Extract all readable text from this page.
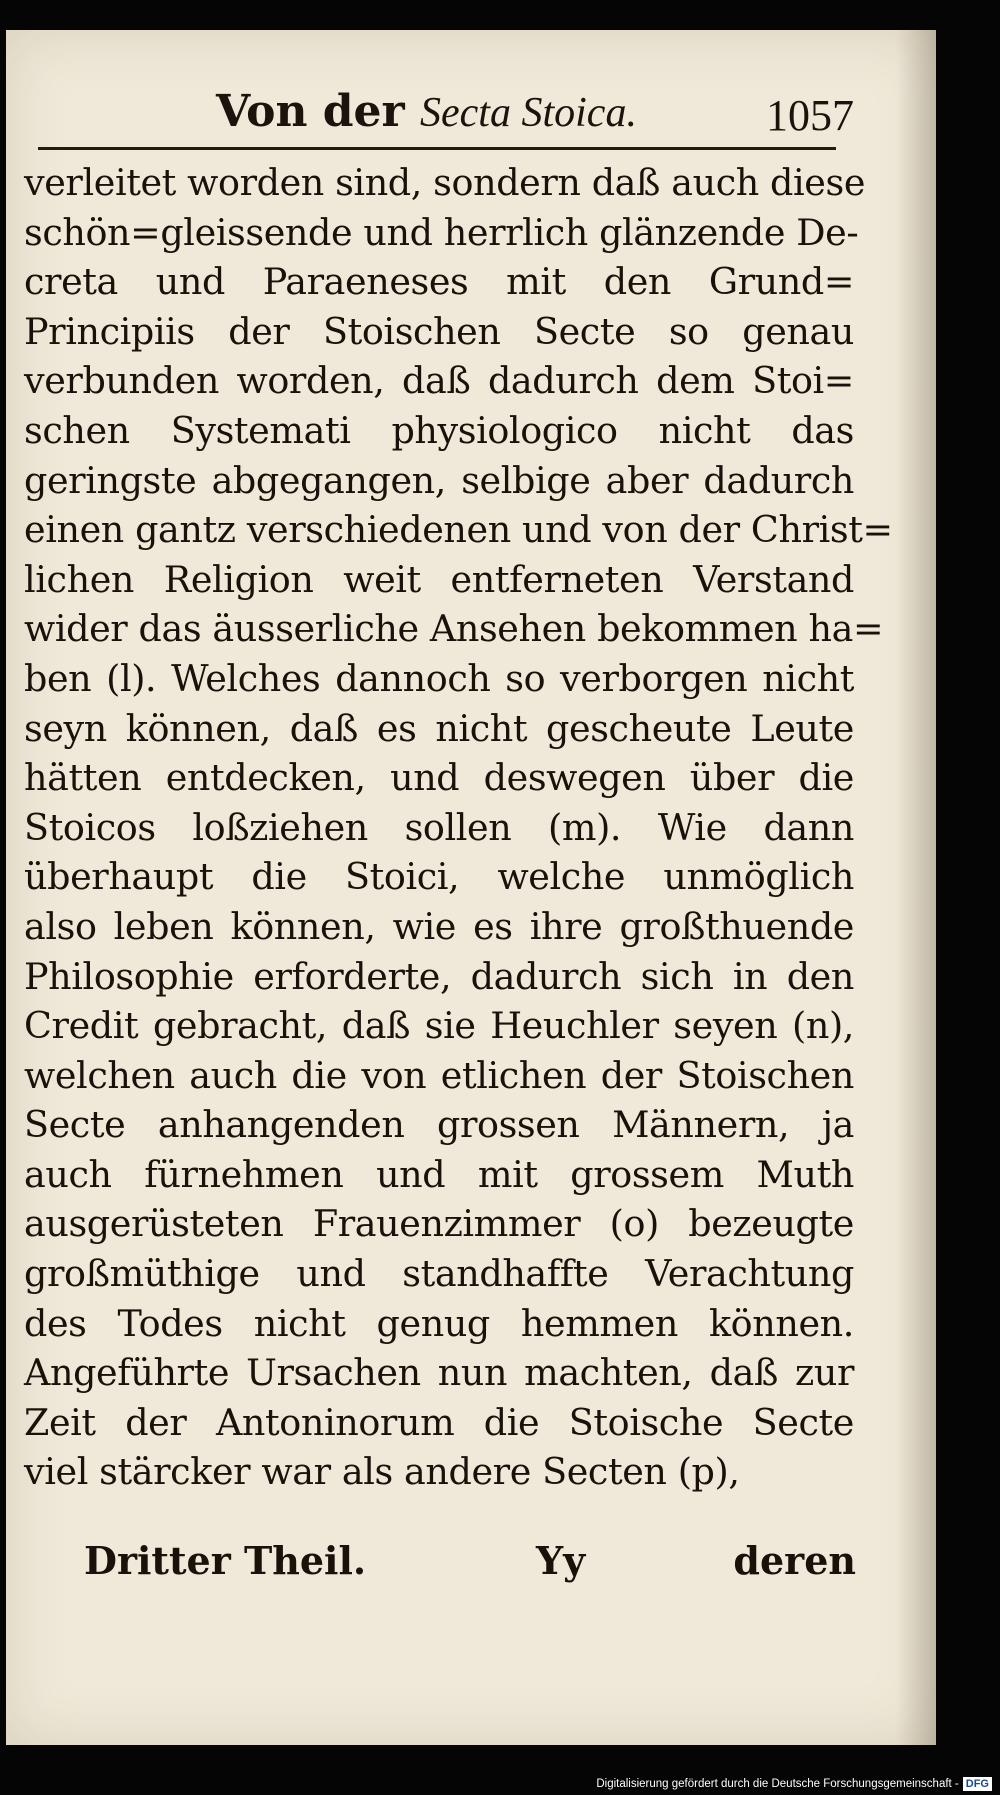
Von der Secta Stoica.	1057
verleitet worden sind, sondern daß auch diese
schön=gleissende und herrlich glänzende De-
creta und Paraeneses mit den Grund=
Principiis der Stoischen Secte so genau
verbunden worden, daß dadurch dem Stoi=
schen Systemati physiologico nicht das
geringste abgegangen, selbige aber dadurch
einen gantz verschiedenen und von der Christ=
lichen Religion weit entferneten Verstand
wider das äusserliche Ansehen bekommen ha=
ben (l). Welches dannoch so verborgen nicht
seyn können, daß es nicht gescheute Leute
hätten entdecken, und deswegen über die
Stoicos loßziehen sollen (m). Wie dann
überhaupt die Stoici, welche unmöglich
also leben können, wie es ihre großthuende
Philosophie erforderte, dadurch sich in den
Credit gebracht, daß sie Heuchler seyen (n),
welchen auch die von etlichen der Stoischen
Secte anhangenden grossen Männern, ja
auch fürnehmen und mit grossem Muth
ausgerüsteten Frauenzimmer (o) bezeugte
großmüthige und standhaffte Verachtung
des Todes nicht genug hemmen können.
Angeführte Ursachen nun machten, daß zur
Zeit der Antoninorum die Stoische Secte
viel stärcker war als andere Secten (p),
Dritter Theil.	Yy	deren
Digitalisierung gefördert durch die Deutsche Forschungsgemeinschaft - DFG
